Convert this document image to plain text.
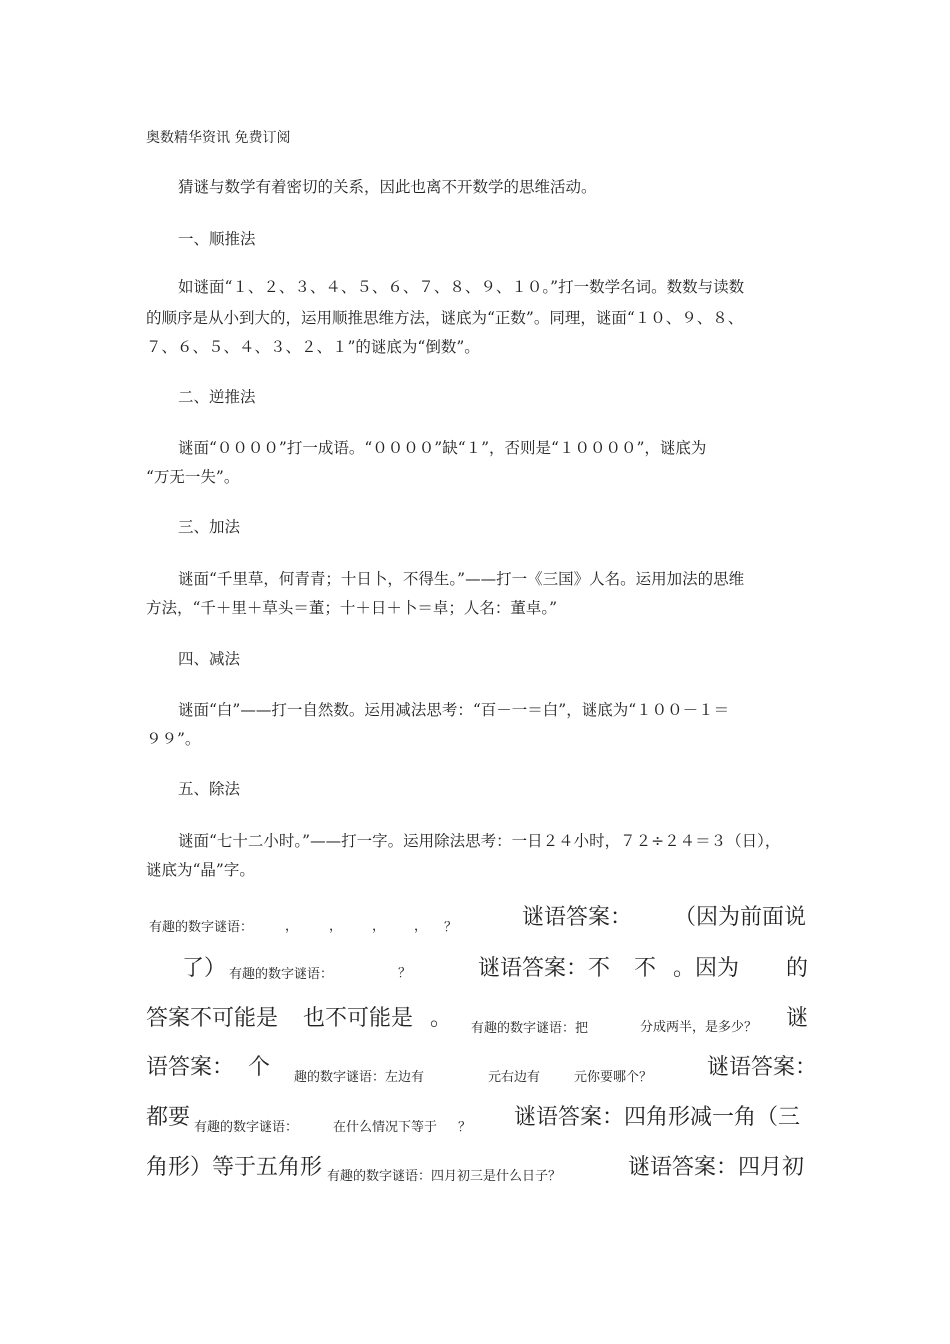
奥数精华资讯 免费订阅
猜谜与数学有着密切的关系，因此也离不开数学的思维活动。
一、顺推法
如谜面“１、２、３、４、５、６、７、８、９、１０。”打一数学名词。数数与读数
的顺序是从小到大的，运用顺推思维方法，谜底为“正数”。同理，谜面“１０、９、８、
７、６、５、４、３、２、１”的谜底为“倒数”。
二、逆推法
谜面“００００”打一成语。“００００”缺“１”，否则是“１００００”，谜底为
“万无一失”。
三、加法
谜面“千里草，何青青；十日卜，不得生。”——打一《三国》人名。运用加法的思维
方法，“千＋里＋草头＝董；十＋日＋卜＝卓；人名：董卓。”
四、减法
谜面“白”——打一自然数。运用减法思考：“百－一＝白”，谜底为“１００－１＝
９９”。
五、除法
谜面“七十二小时。”——打一字。运用除法思考：一日２４小时，７２÷２４＝３（日），
谜底为“晶”字。
有趣的数字谜语： ， ， ， ， ？	谜语答案： （因为前面说
了） 有趣的数字谜语：	？	谜语答案：不 不 。因为 的
答案不可能是 也不可能是 。 有趣的数字谜语：把	分成两半，是多少？ 谜
语答案： 个 趣的数字谜语：左边有	元右边有	元你要哪个？ 谜语答案：
都要 有趣的数字谜语：	在什么情况下等于 ？ 谜语答案：四角形减一角（三
角形）等于五角形 有趣的数字谜语：四月初三是什么日子？	谜语答案：四月初
